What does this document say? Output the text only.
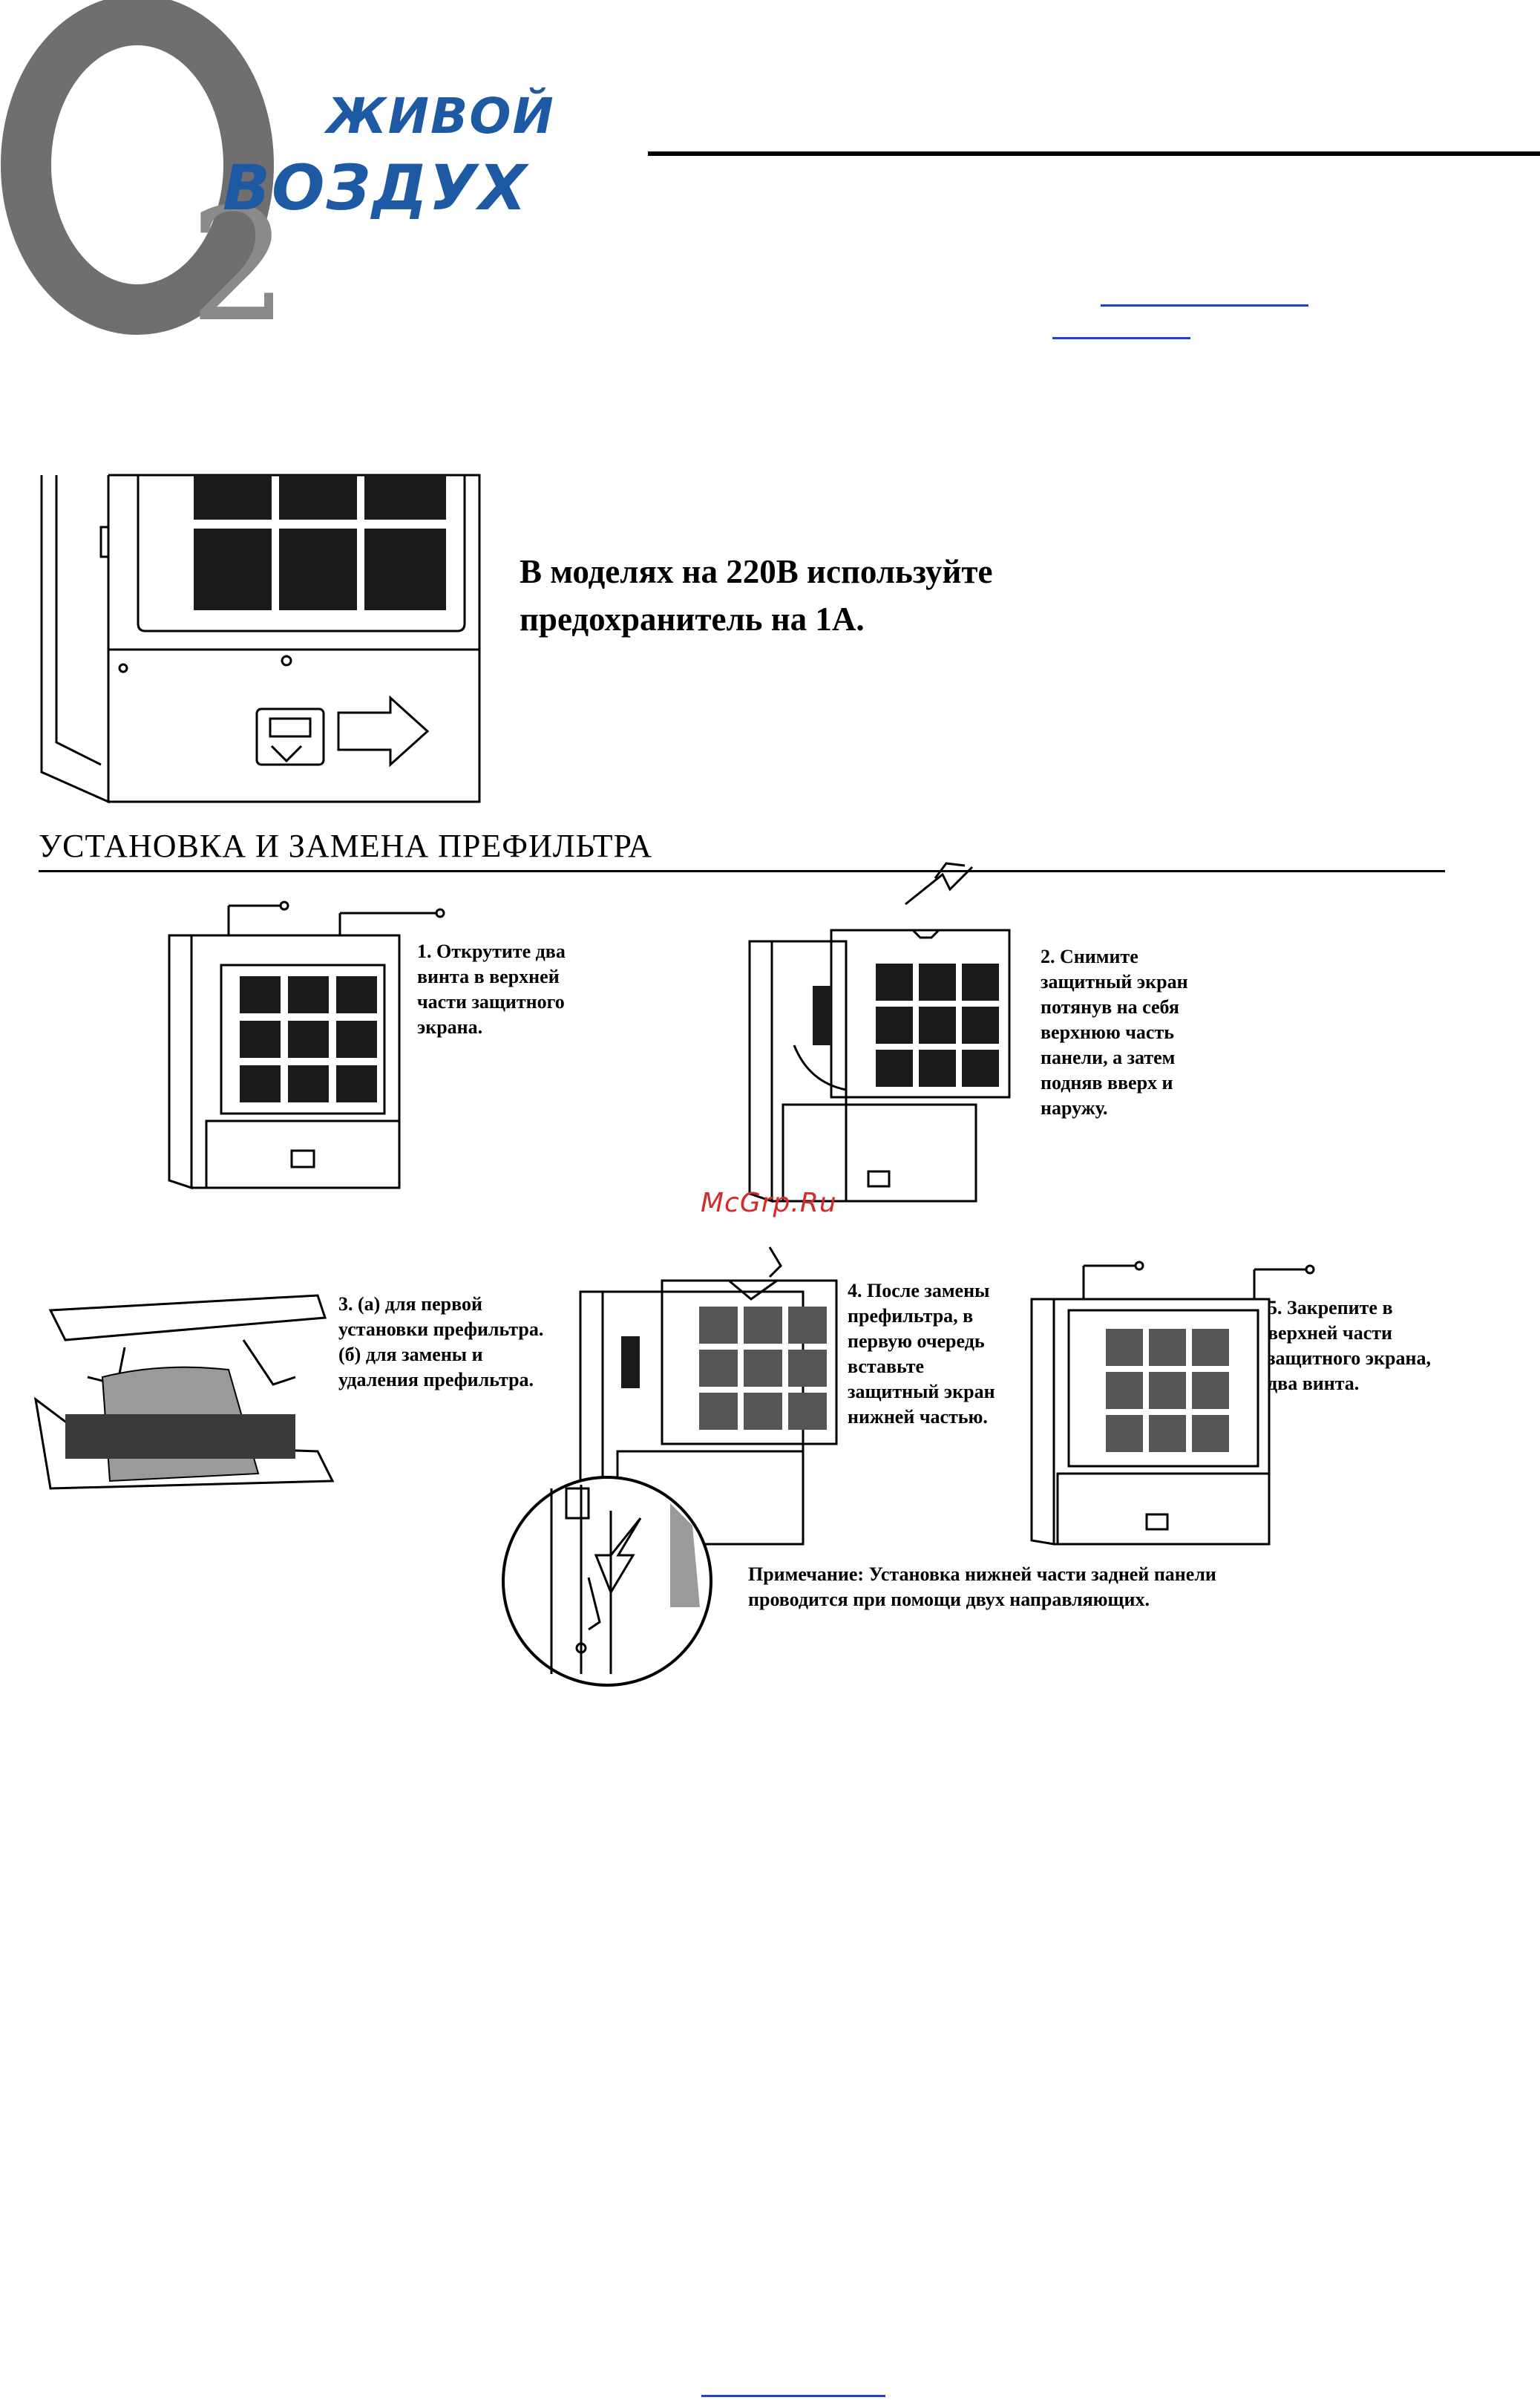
2
ЖИВОЙ
ВОЗДУХ
В моделях на 220В используйте предохранитель на 1А.
УСТАНОВКА И ЗАМЕНА ПРЕФИЛЬТРА
1. Открутите два
винта в верхней
части защитного
экрана.
2. Снимите
защитный экран
потянув на себя
верхнюю часть
панели, а затем
подняв вверх и
наружу.
McGrp.Ru
3. (а) для первой
установки префильтра.
(б) для замены и
удаления префильтра.
4. После замены
префильтра, в
первую очередь
вставьте
защитный экран
нижней частью.
Примечание: Установка нижней части задней панели
проводится при помощи двух направляющих.
5. Закрепите в
верхней части
защитного экрана,
два винта.
